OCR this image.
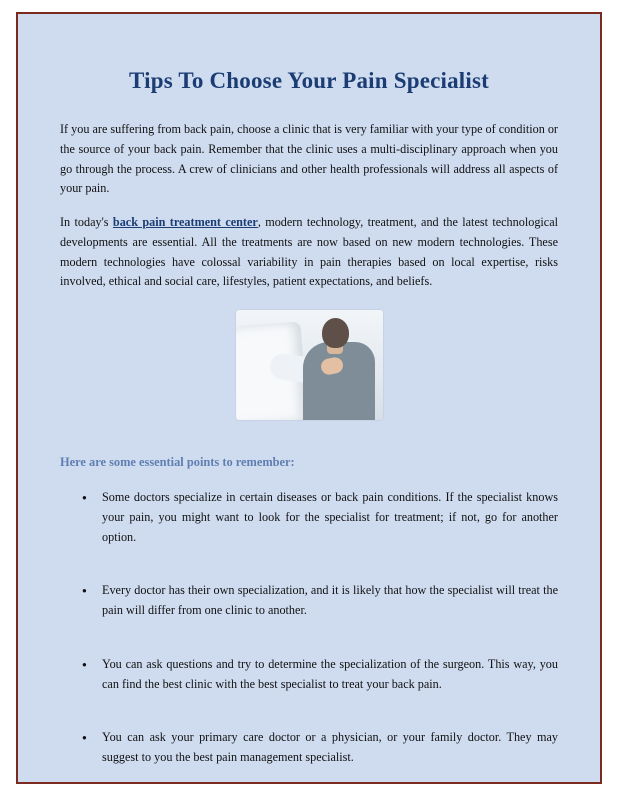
Tips To Choose Your Pain Specialist

If you are suffering from back pain, choose a clinic that is very familiar with your type of condition or the source of your back pain. Remember that the clinic uses a multi-disciplinary approach when you go through the process. A crew of clinicians and other health professionals will address all aspects of your pain.

In today's back pain treatment center, modern technology, treatment, and the latest technological developments are essential. All the treatments are now based on new modern technologies. These modern technologies have colossal variability in pain therapies based on local expertise, risks involved, ethical and social care, lifestyles, patient expectations, and beliefs.

Here are some essential points to remember:
● Some doctors specialize in certain diseases or back pain conditions. If the specialist knows your pain, you might want to look for the specialist for treatment; if not, go for another option.
● Every doctor has their own specialization, and it is likely that how the specialist will treat the pain will differ from one clinic to another.
● You can ask questions and try to determine the specialization of the surgeon. This way, you can find the best clinic with the best specialist to treat your back pain.
● You can ask your primary care doctor or a physician, or your family doctor. They may suggest to you the best pain management specialist.
